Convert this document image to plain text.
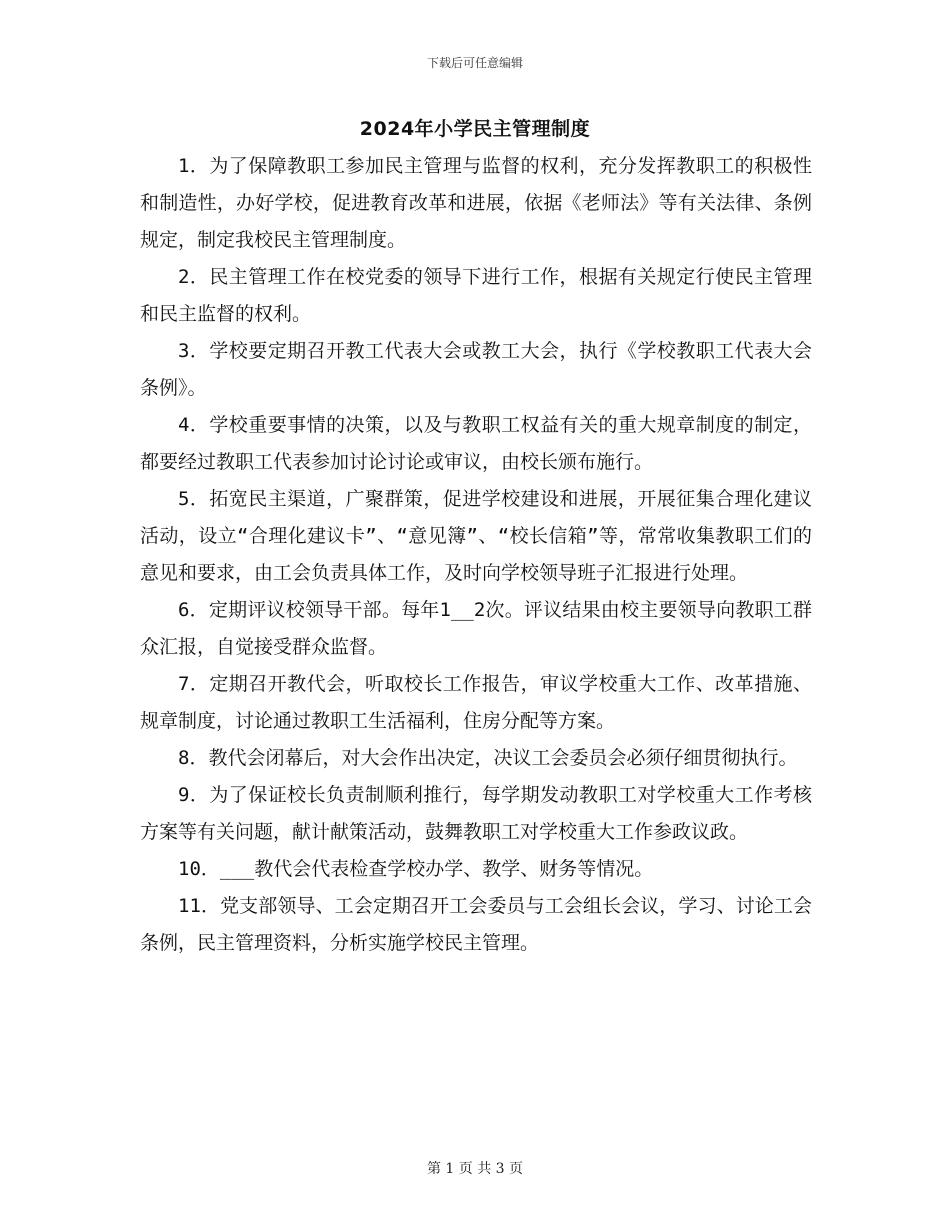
下载后可任意编辑
2024年小学民主管理制度

1．为了保障教职工参加民主管理与监督的权利，充分发挥教职工的积极性和制造性，办好学校，促进教育改革和进展，依据《老师法》等有关法律、条例规定，制定我校民主管理制度。

2．民主管理工作在校党委的领导下进行工作，根据有关规定行使民主管理和民主监督的权利。

3．学校要定期召开教工代表大会或教工大会，执行《学校教职工代表大会条例》。

4．学校重要事情的决策，以及与教职工权益有关的重大规章制度的制定，都要经过教职工代表参加讨论讨论或审议，由校长颁布施行。

5．拓宽民主渠道，广聚群策，促进学校建设和进展，开展征集合理化建议活动，设立“合理化建议卡”、“意见簿”、“校长信箱”等，常常收集教职工们的意见和要求，由工会负责具体工作，及时向学校领导班子汇报进行处理。

6．定期评议校领导干部。每年1__2次。评议结果由校主要领导向教职工群众汇报，自觉接受群众监督。

7．定期召开教代会，听取校长工作报告，审议学校重大工作、改革措施、规章制度，讨论通过教职工生活福利，住房分配等方案。

8．教代会闭幕后，对大会作出决定，决议工会委员会必须仔细贯彻执行。

9．为了保证校长负责制顺利推行，每学期发动教职工对学校重大工作考核方案等有关问题，献计献策活动，鼓舞教职工对学校重大工作参政议政。

10．___教代会代表检查学校办学、教学、财务等情况。

11．党支部领导、工会定期召开工会委员与工会组长会议，学习、讨论工会条例，民主管理资料，分析实施学校民主管理。

第 1 页 共 3 页
